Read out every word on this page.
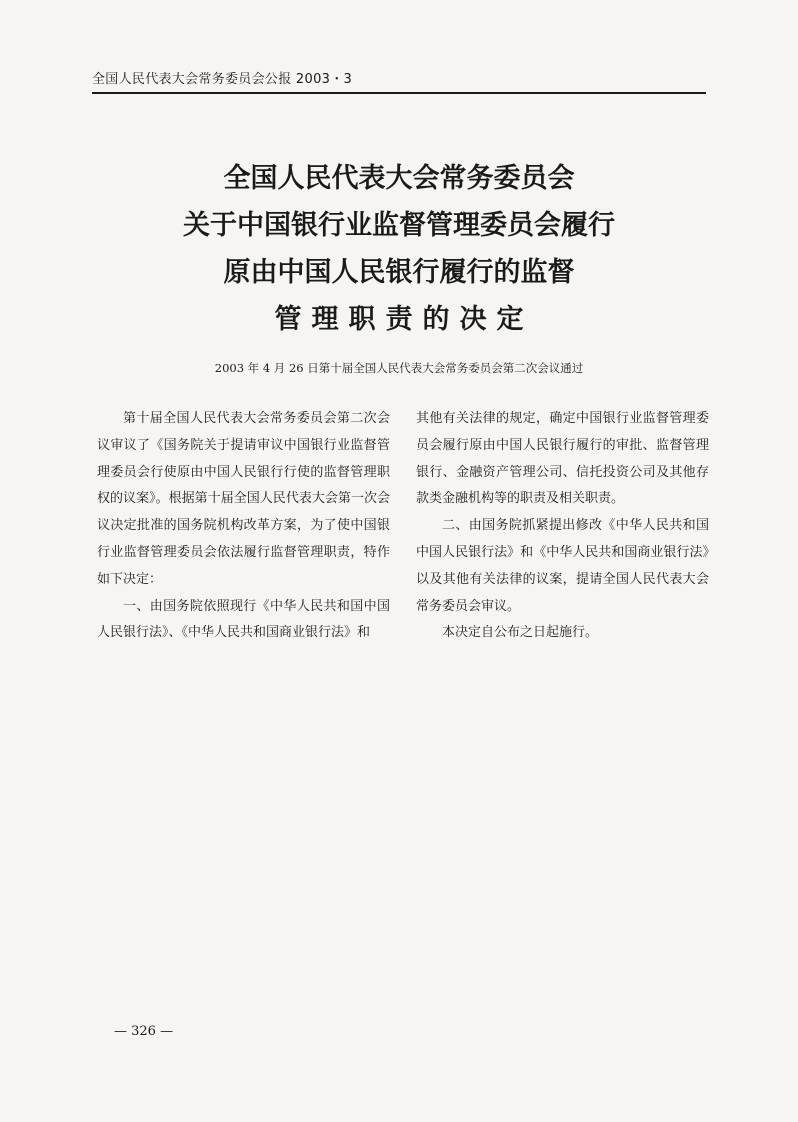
全国人民代表大会常务委员会公报 2003・3
全国人民代表大会常务委员会
关于中国银行业监督管理委员会履行
原由中国人民银行履行的监督
管理职责的决定
2003 年 4 月 26 日第十届全国人民代表大会常务委员会第二次会议通过

第十届全国人民代表大会常务委员会第二次会议审议了《国务院关于提请审议中国银行业监督管理委员会行使原由中国人民银行行使的监督管理职权的议案》。根据第十届全国人民代表大会第一次会议决定批准的国务院机构改革方案，为了使中国银行业监督管理委员会依法履行监督管理职责，特作如下决定：

一、由国务院依照现行《中华人民共和国中国人民银行法》、《中华人民共和国商业银行法》和

其他有关法律的规定，确定中国银行业监督管理委员会履行原由中国人民银行履行的审批、监督管理银行、金融资产管理公司、信托投资公司及其他存款类金融机构等的职责及相关职责。

二、由国务院抓紧提出修改《中华人民共和国中国人民银行法》和《中华人民共和国商业银行法》以及其他有关法律的议案，提请全国人民代表大会常务委员会审议。

本决定自公布之日起施行。

— 326 —
